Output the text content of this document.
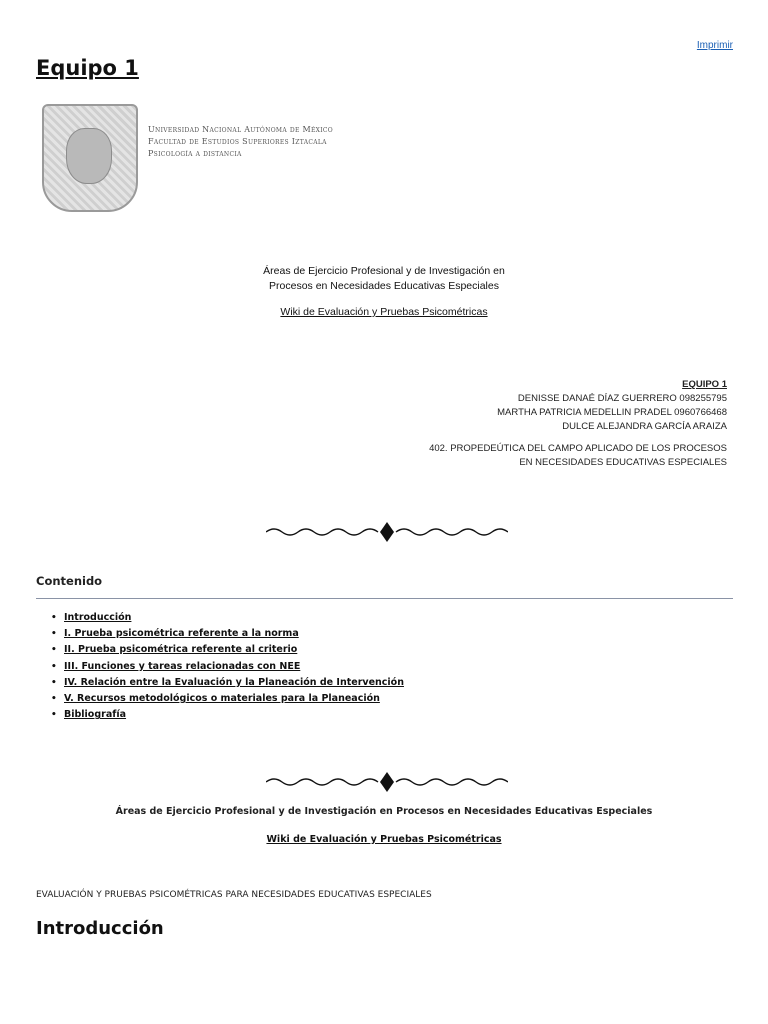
Imprimir
Equipo 1
Universidad Nacional Autónoma de México
Facultad de Estudios Superiores Iztacala
Psicología a distancia
Áreas de Ejercicio Profesional y de Investigación en
Procesos en Necesidades Educativas Especiales
Wiki de Evaluación y Pruebas Psicométricas
EQUIPO 1
DENISSE DANAÉ DÍAZ GUERRERO 098255795
MARTHA PATRICIA MEDELLIN PRADEL 0960766468
DULCE ALEJANDRA GARCÍA ARAIZA
402. PROPEDEÚTICA DEL CAMPO APLICADO DE LOS PROCESOS
EN NECESIDADES EDUCATIVAS ESPECIALES
Contenido
• Introducción
• I. Prueba psicométrica referente a la norma
• II. Prueba psicométrica referente al criterio
• III. Funciones y tareas relacionadas con NEE
• IV. Relación entre la Evaluación y la Planeación de Intervención
• V. Recursos metodológicos o materiales para la Planeación
• Bibliografía
Áreas de Ejercicio Profesional y de Investigación en Procesos en Necesidades Educativas Especiales
Wiki de Evaluación y Pruebas Psicométricas
EVALUACIÓN Y PRUEBAS PSICOMÉTRICAS PARA NECESIDADES EDUCATIVAS ESPECIALES
Introducción
